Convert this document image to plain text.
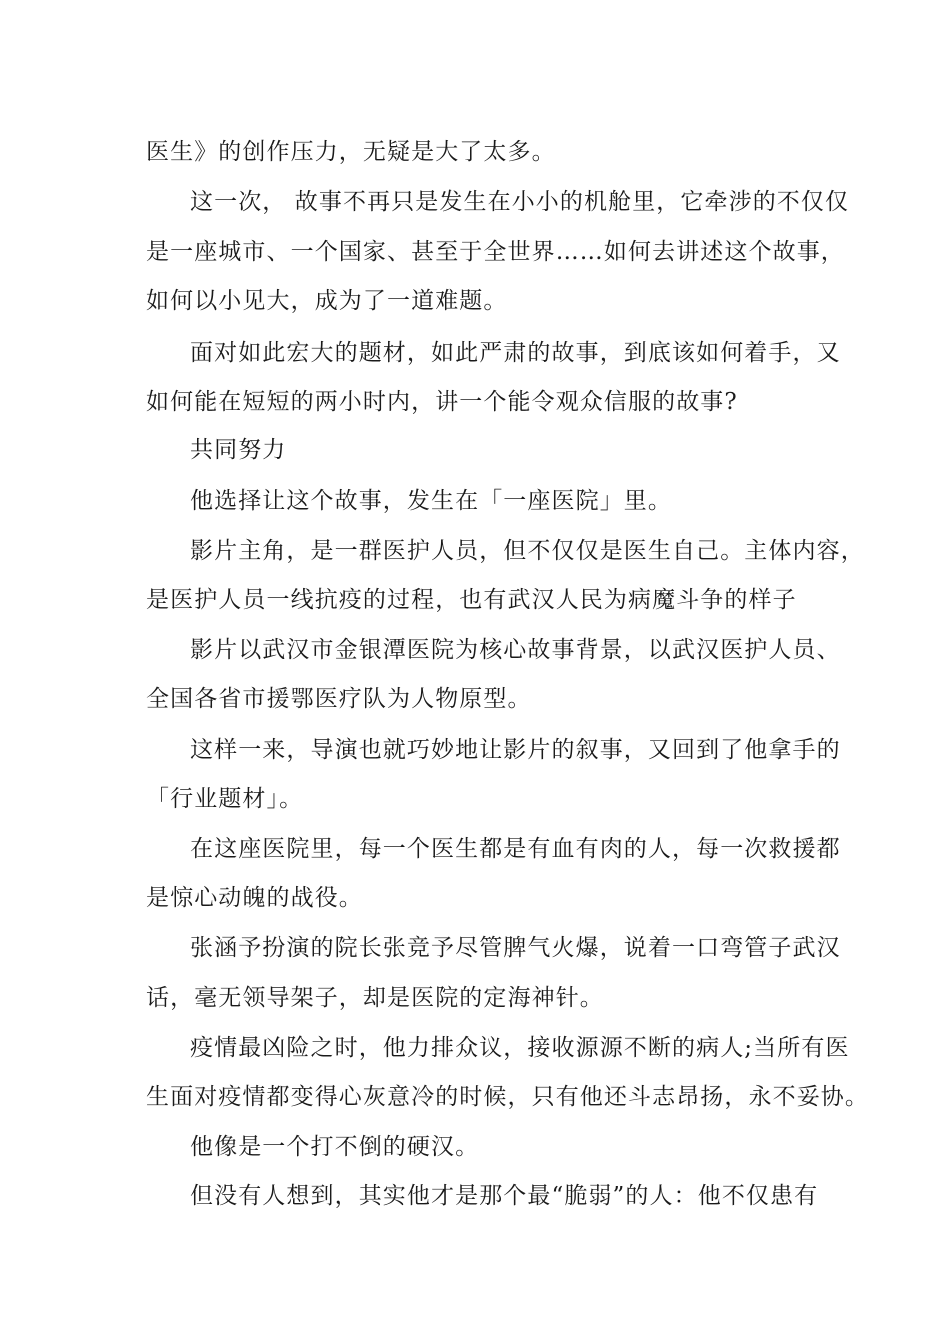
医生》的创作压力，无疑是大了太多。
这一次， 故事不再只是发生在小小的机舱里，它牵涉的不仅仅
是一座城市、一个国家、甚至于全世界……如何去讲述这个故事，
如何以小见大，成为了一道难题。
面对如此宏大的题材，如此严肃的故事，到底该如何着手，又
如何能在短短的两小时内，讲一个能令观众信服的故事?
共同努力
他选择让这个故事，发生在「一座医院」里。
影片主角，是一群医护人员，但不仅仅是医生自己。主体内容，
是医护人员一线抗疫的过程，也有武汉人民为病魔斗争的样子
影片以武汉市金银潭医院为核心故事背景，以武汉医护人员、
全国各省市援鄂医疗队为人物原型。
这样一来，导演也就巧妙地让影片的叙事，又回到了他拿手的
「行业题材」。
在这座医院里，每一个医生都是有血有肉的人，每一次救援都
是惊心动魄的战役。
张涵予扮演的院长张竞予尽管脾气火爆，说着一口弯管子武汉
话，毫无领导架子，却是医院的定海神针。
疫情最凶险之时，他力排众议，接收源源不断的病人;当所有医
生面对疫情都变得心灰意冷的时候，只有他还斗志昂扬，永不妥协。
他像是一个打不倒的硬汉。
但没有人想到，其实他才是那个最“脆弱”的人：他不仅患有
